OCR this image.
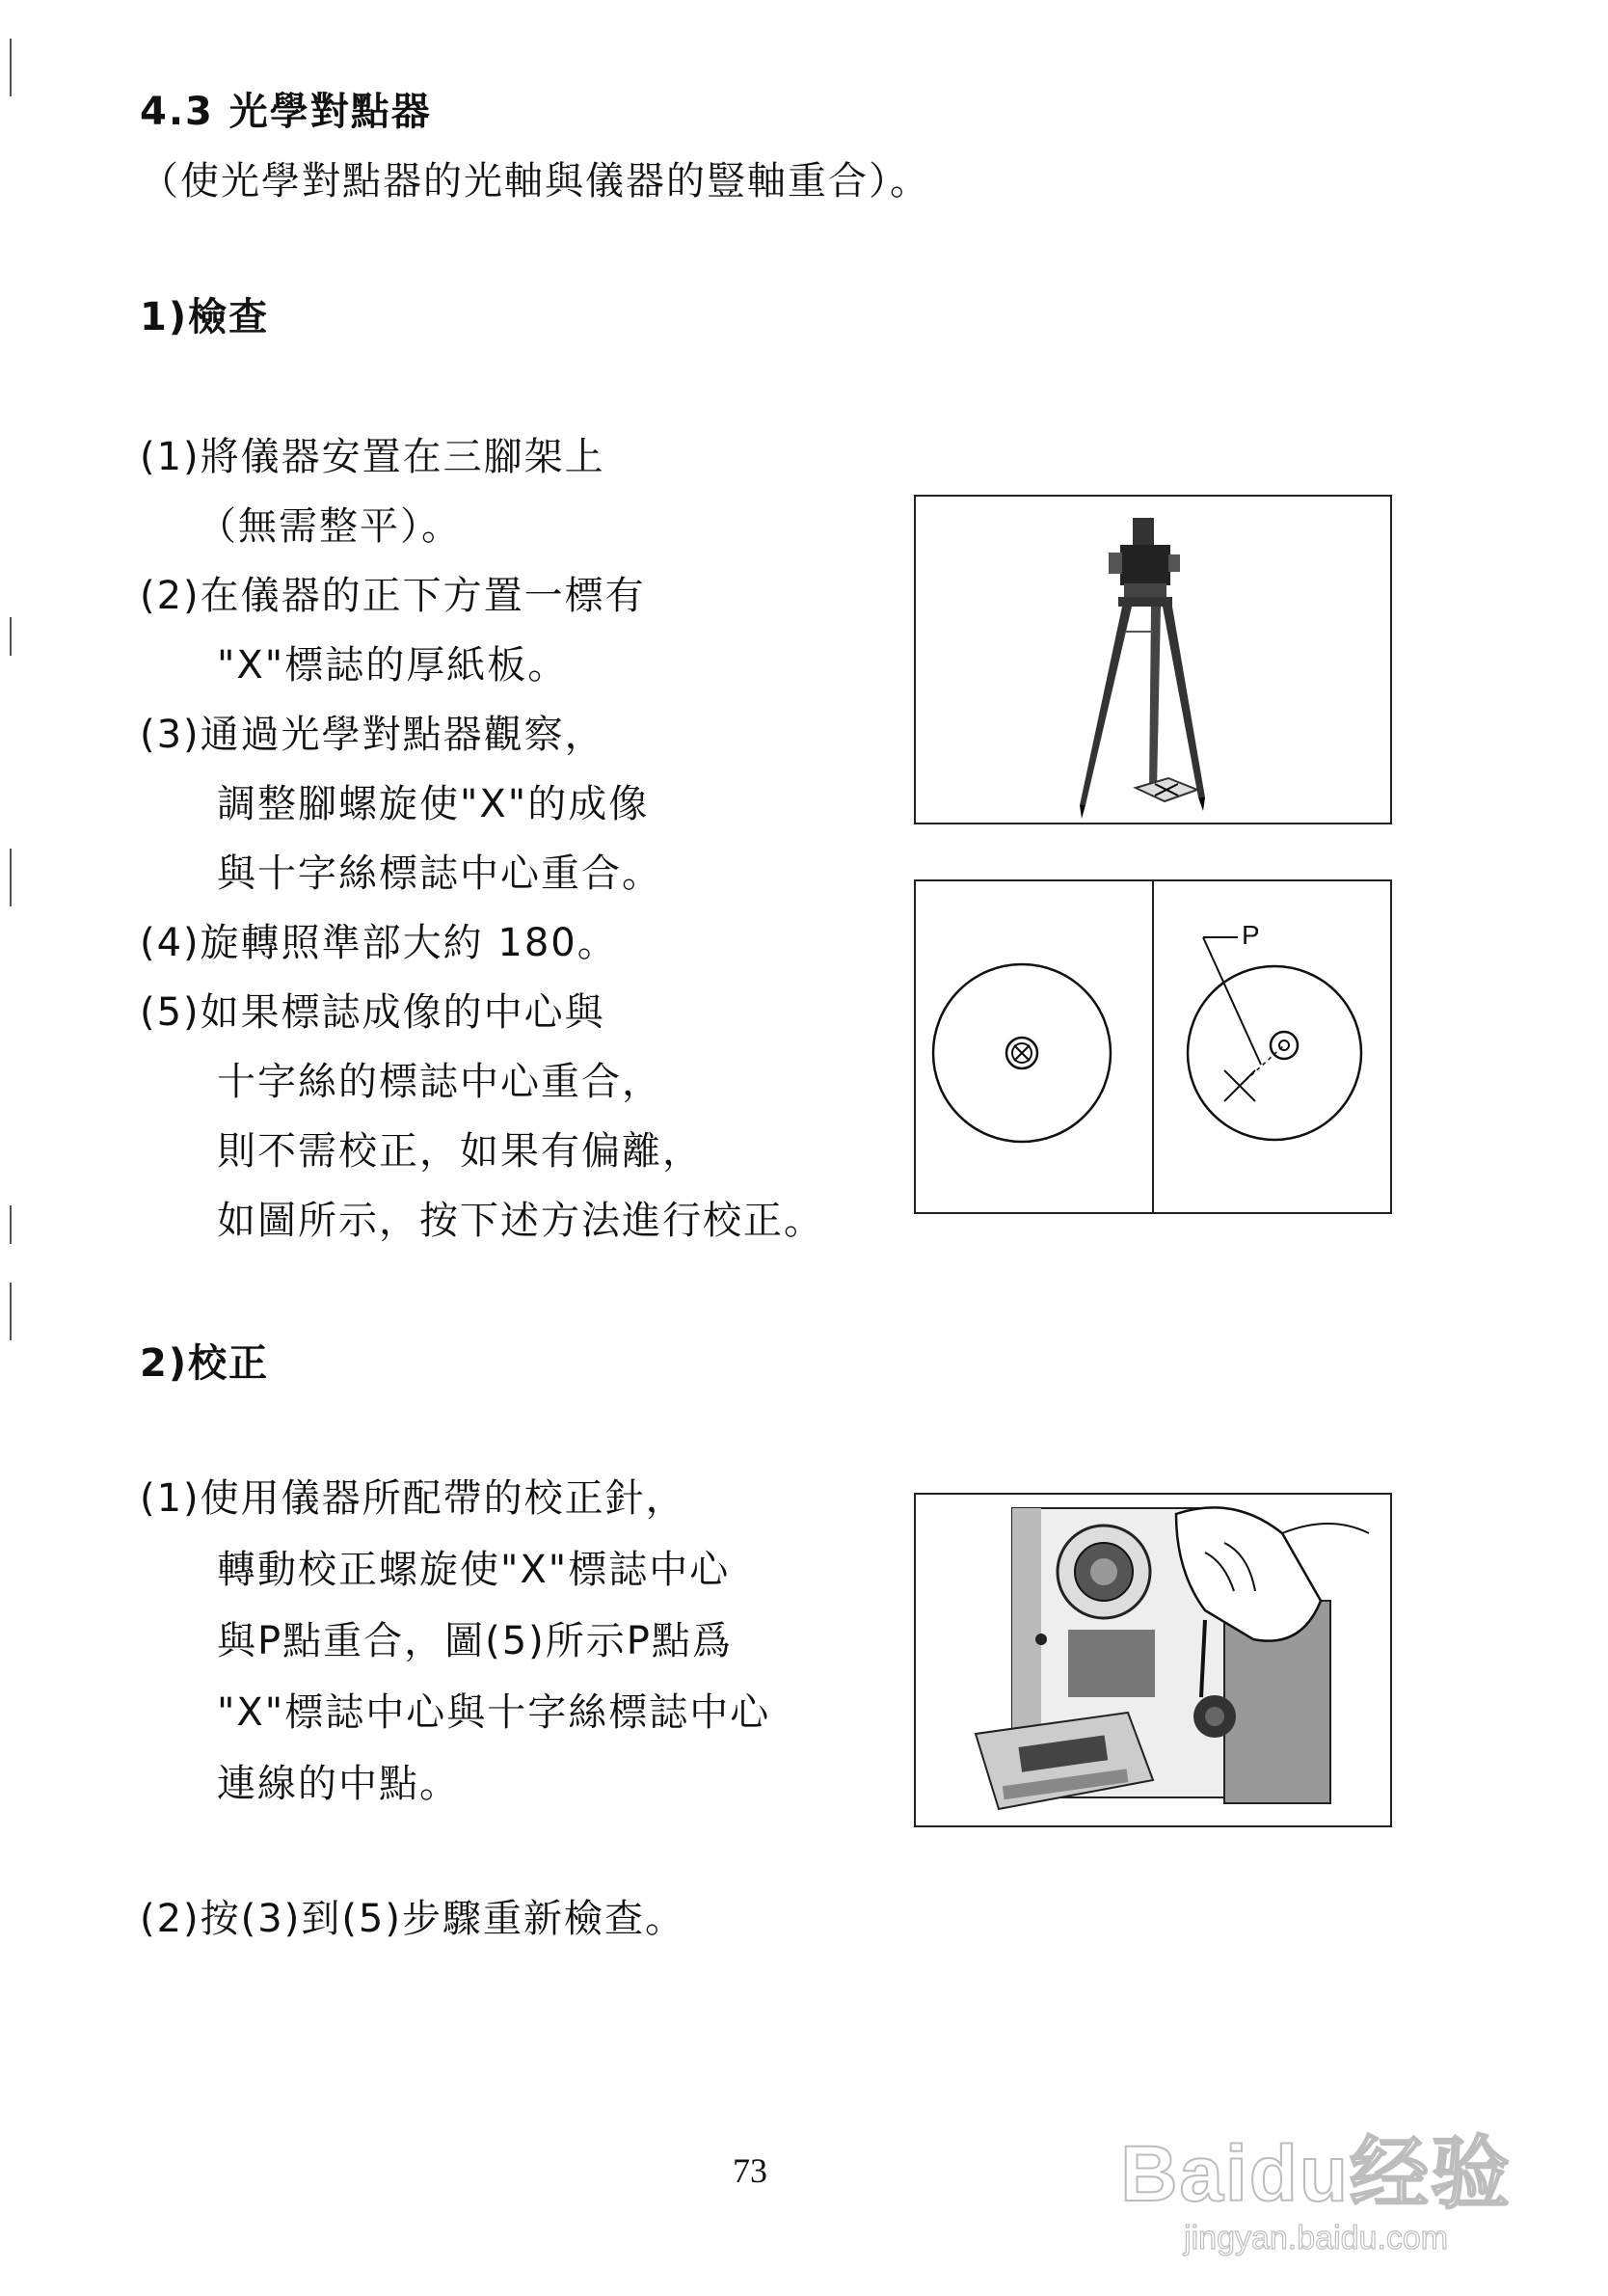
4.3 光學對點器
（使光學對點器的光軸與儀器的豎軸重合）。
1)檢查
(1)將儀器安置在三腳架上
（無需整平）。
(2)在儀器的正下方置一標有
"X"標誌的厚紙板。
(3)通過光學對點器觀察，
調整腳螺旋使"X"的成像
與十字絲標誌中心重合。
(4)旋轉照準部大約 180。
(5)如果標誌成像的中心與
十字絲的標誌中心重合，
則不需校正，如果有偏離，
如圖所示，按下述方法進行校正。
P
2)校正
(1)使用儀器所配帶的校正針，
轉動校正螺旋使"X"標誌中心
與P點重合，圖(5)所示P點爲
"X"標誌中心與十字絲標誌中心
連線的中點。
(2)按(3)到(5)步驟重新檢查。
73	Baidu经验
jingyan.baidu.com
